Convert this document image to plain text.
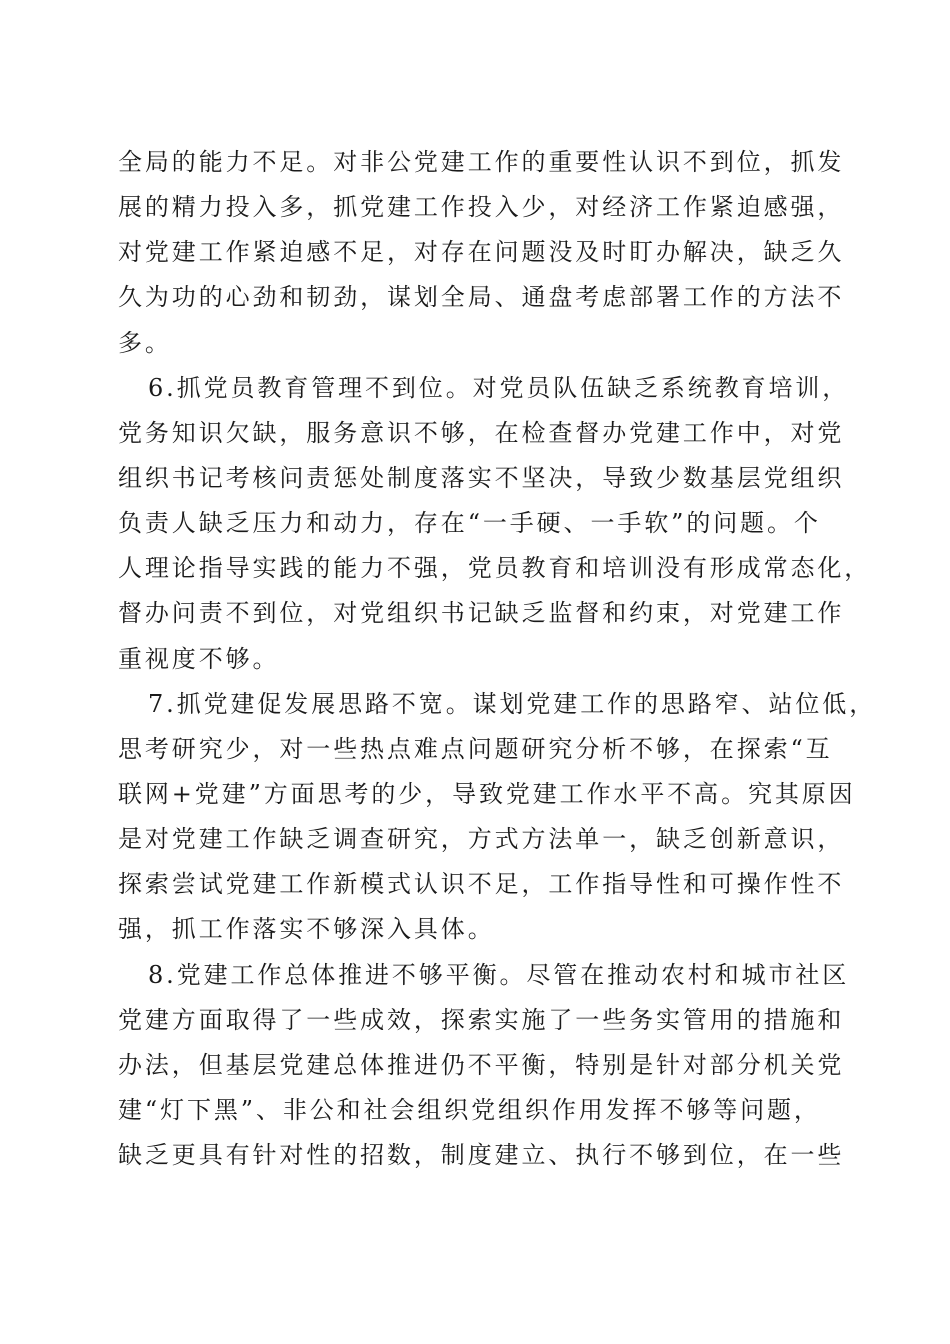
全局的能力不足。对非公党建工作的重要性认识不到位，抓发
展的精力投入多，抓党建工作投入少，对经济工作紧迫感强，
对党建工作紧迫感不足，对存在问题没及时盯办解决，缺乏久
久为功的心劲和韧劲，谋划全局、通盘考虑部署工作的方法不
多。
6.抓党员教育管理不到位。对党员队伍缺乏系统教育培训，
党务知识欠缺，服务意识不够，在检查督办党建工作中，对党
组织书记考核问责惩处制度落实不坚决，导致少数基层党组织
负责人缺乏压力和动力，存在“一手硬、一手软”的问题。个
人理论指导实践的能力不强，党员教育和培训没有形成常态化，
督办问责不到位，对党组织书记缺乏监督和约束，对党建工作
重视度不够。
7.抓党建促发展思路不宽。谋划党建工作的思路窄、站位低，
思考研究少，对一些热点难点问题研究分析不够，在探索“互
联网+党建”方面思考的少，导致党建工作水平不高。究其原因
是对党建工作缺乏调查研究，方式方法单一，缺乏创新意识，
探索尝试党建工作新模式认识不足，工作指导性和可操作性不
强，抓工作落实不够深入具体。
8.党建工作总体推进不够平衡。尽管在推动农村和城市社区
党建方面取得了一些成效，探索实施了一些务实管用的措施和
办法，但基层党建总体推进仍不平衡，特别是针对部分机关党
建“灯下黑”、非公和社会组织党组织作用发挥不够等问题，
缺乏更具有针对性的招数，制度建立、执行不够到位，在一些
